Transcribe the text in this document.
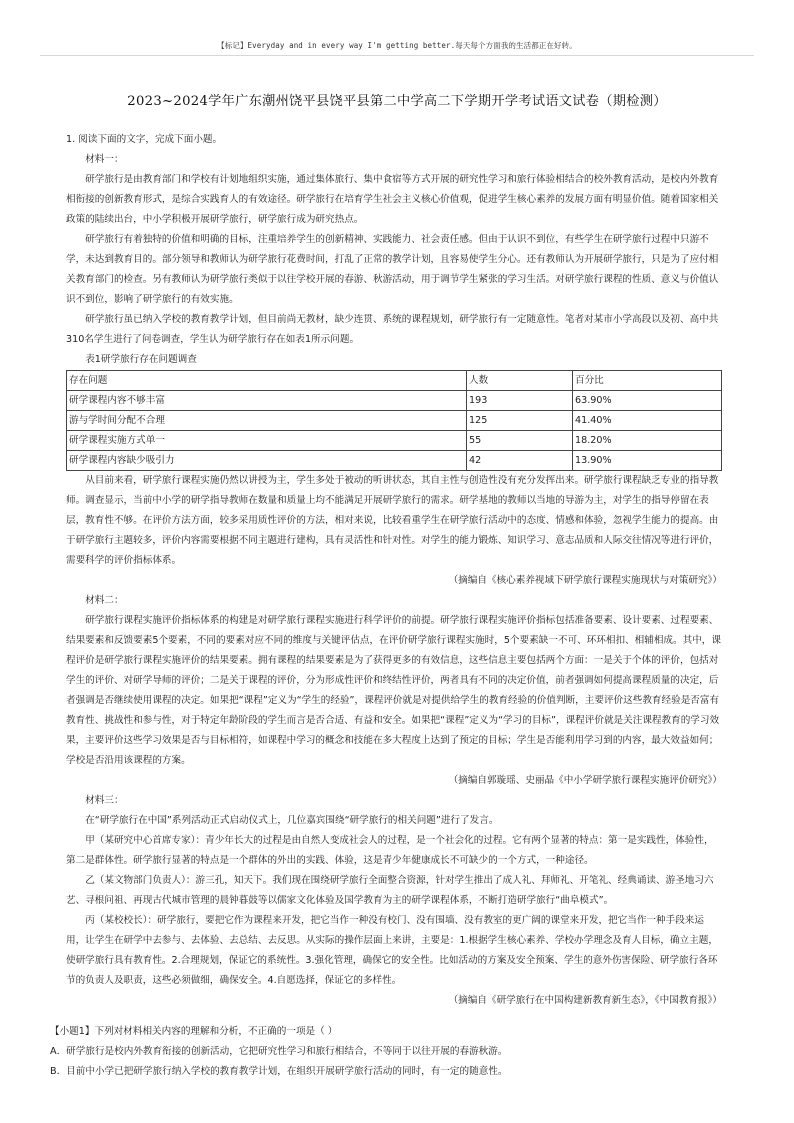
【标记】Everyday and in every way I'm getting better.每天每个方面我的生活都正在好转。
2023~2024学年广东潮州饶平县饶平县第二中学高二下学期开学考试语文试卷（期检测）

1. 阅读下面的文字，完成下面小题。

材料一：

研学旅行是由教育部门和学校有计划地组织实施，通过集体旅行、集中食宿等方式开展的研究性学习和旅行体验相结合的校外教育活动，是校内外教育相衔接的创新教育形式，是综合实践育人的有效途径。研学旅行在培育学生社会主义核心价值观，促进学生核心素养的发展方面有明显价值。随着国家相关政策的陆续出台，中小学积极开展研学旅行，研学旅行成为研究热点。

研学旅行有着独特的价值和明确的目标，注重培养学生的创新精神、实践能力、社会责任感。但由于认识不到位，有些学生在研学旅行过程中只游不学，未达到教育目的。部分领导和教师认为研学旅行花费时间，打乱了正常的教学计划，且容易使学生分心。还有教师认为开展研学旅行，只是为了应付相关教育部门的检查。另有教师认为研学旅行类似于以往学校开展的春游、秋游活动，用于调节学生紧张的学习生活。对研学旅行课程的性质、意义与价值认识不到位，影响了研学旅行的有效实施。

研学旅行虽已纳入学校的教育教学计划，但目前尚无教材，缺少连贯、系统的课程规划，研学旅行有一定随意性。笔者对某市小学高段以及初、高中共310名学生进行了问卷调查，学生认为研学旅行存在如表1所示问题。

表1研学旅行存在问题调查

存在问题	人数	百分比
研学课程内容不够丰富	193	63.90%
游与学时间分配不合理	125	41.40%
研学课程实施方式单一	55	18.20%
研学课程内容缺少吸引力	42	13.90%

从目前来看，研学旅行课程实施仍然以讲授为主，学生多处于被动的听讲状态，其自主性与创造性没有充分发挥出来。研学旅行课程缺乏专业的指导教师。调查显示，当前中小学的研学指导教师在数量和质量上均不能满足开展研学旅行的需求。研学基地的教师以当地的导游为主，对学生的指导停留在表层，教育性不够。在评价方法方面，较多采用质性评价的方法，相对来说，比较看重学生在研学旅行活动中的态度、情感和体验，忽视学生能力的提高。由于研学旅行主题较多，评价内容需要根据不同主题进行建构，具有灵活性和针对性。对学生的能力锻炼、知识学习、意志品质和人际交往情况等进行评价，需要科学的评价指标体系。

（摘编自《核心素养视域下研学旅行课程实施现状与对策研究》）

材料二：

研学旅行课程实施评价指标体系的构建是对研学旅行课程实施进行科学评价的前提。研学旅行课程实施评价指标包括准备要素、设计要素、过程要素、结果要素和反馈要素5个要素，不同的要素对应不同的维度与关键评估点，在评价研学旅行课程实施时，5个要素缺一不可、环环相扣、相辅相成。其中，课程评价是研学旅行课程实施评价的结果要素。拥有课程的结果要素是为了获得更多的有效信息，这些信息主要包括两个方面：一是关于个体的评价，包括对学生的评价、对研学导师的评价；二是关于课程的评价，分为形成性评价和终结性评价，两者具有不同的决定价值，前者强调如何提高课程质量的决定，后者强调是否继续使用课程的决定。如果把“课程”定义为“学生的经验”，课程评价就是对提供给学生的教育经验的价值判断，主要评价这些教育经验是否富有教育性、挑战性和参与性，对于特定年龄阶段的学生而言是否合适、有益和安全。如果把“课程”定义为“学习的目标”，课程评价就是关注课程教育的学习效果，主要评价这些学习效果是否与目标相符，如课程中学习的概念和技能在多大程度上达到了预定的目标；学生是否能利用学习到的内容，最大效益如何；学校是否沿用该课程的方案。

（摘编自郭璇瑶、史丽晶《中小学研学旅行课程实施评价研究》）

材料三：

在“研学旅行在中国”系列活动正式启动仪式上，几位嘉宾围绕“研学旅行的相关问题”进行了发言。

甲（某研究中心首席专家）：青少年长大的过程是由自然人变成社会人的过程，是一个社会化的过程。它有两个显著的特点：第一是实践性，体验性，第二是群体性。研学旅行显著的特点是一个群体的外出的实践、体验，这是青少年健康成长不可缺少的一个方式，一种途径。

乙（某文物部门负责人）：游三孔，知天下。我们现在围绕研学旅行全面整合资源，针对学生推出了成人礼、拜师礼、开笔礼、经典诵读、游圣地习六艺、寻根问祖、再现古代城市管理的晨钟暮鼓等以儒家文化体验及国学教育为主的研学课程体系，不断打造研学旅行“曲阜模式”。

丙（某校校长）：研学旅行，要把它作为课程来开发，把它当作一种没有校门、没有围墙、没有教室的更广阔的课堂来开发，把它当作一种手段来运用，让学生在研学中去参与、去体验、去总结、去反思。从实际的操作层面上来讲，主要是：1.根据学生核心素养、学校办学理念及育人目标，确立主题，使研学旅行具有教育性。2.合理规划，保证它的系统性。3.强化管理，确保它的安全性。比如活动的方案及安全预案、学生的意外伤害保险、研学旅行各环节的负责人及职责，这些必须做细，确保安全。4.自愿选择，保证它的多样性。

（摘编自《研学旅行在中国构建新教育新生态》，《中国教育报》）

【小题1】下列对材料相关内容的理解和分析，不正确的一项是（ ）

A．研学旅行是校内外教育衔接的创新活动，它把研究性学习和旅行相结合，不等同于以往开展的春游秋游。

B．目前中小学已把研学旅行纳入学校的教育教学计划，在组织开展研学旅行活动的同时，有一定的随意性。
